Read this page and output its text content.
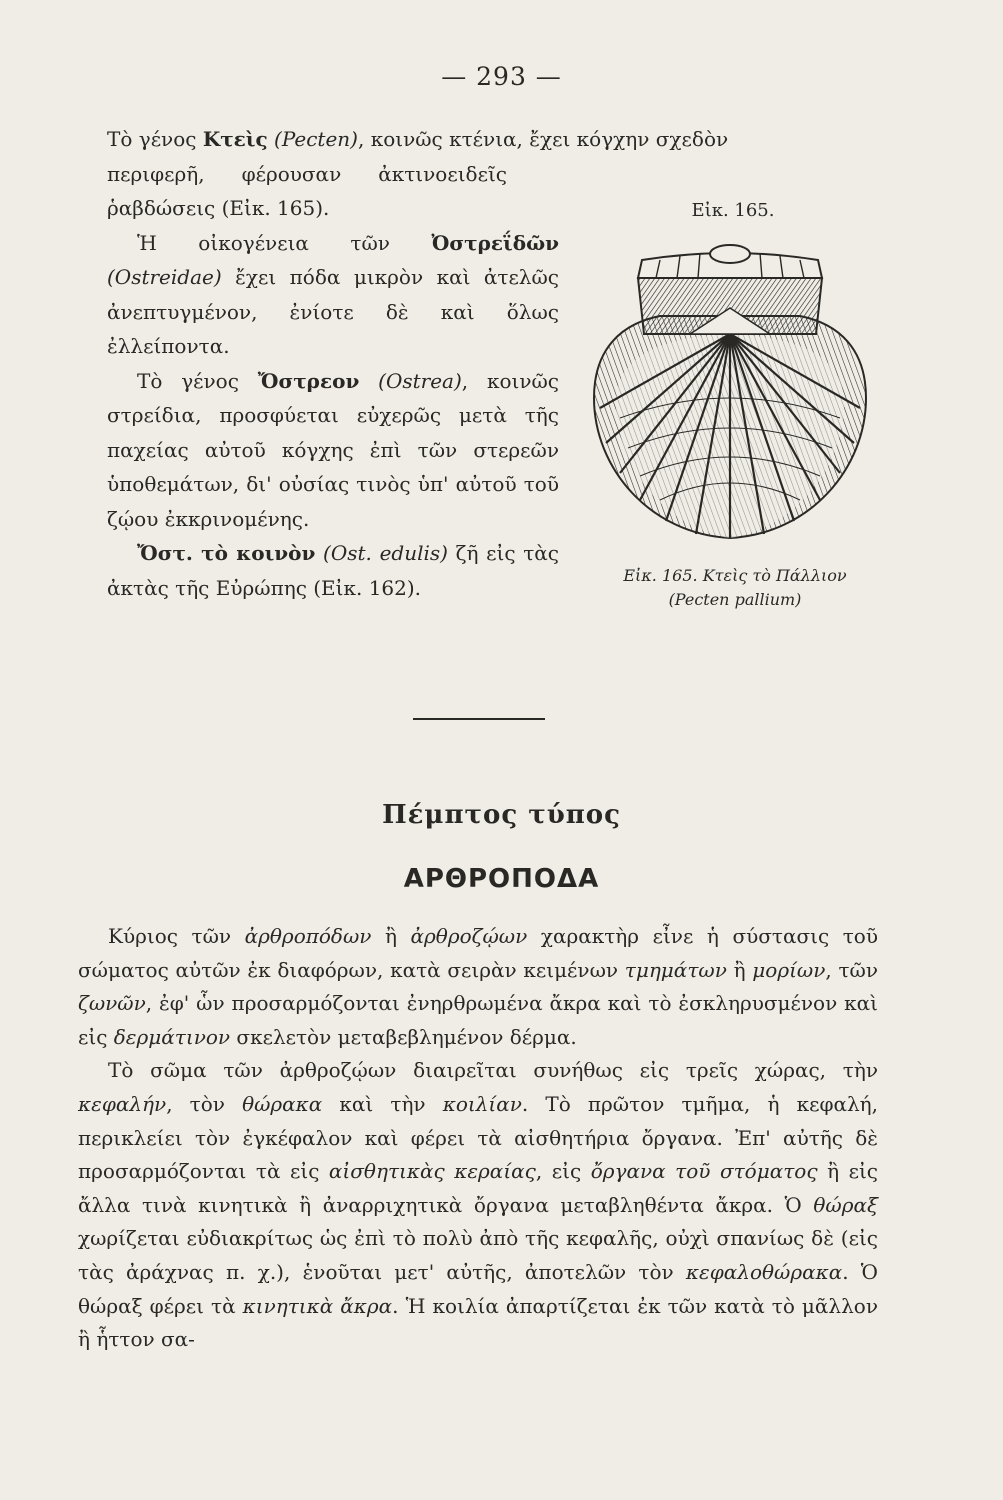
— 293 —
Τὸ γένος Κτεὶς (Pecten), κοινῶς κτένια, ἔχει κόγχην σχεδὸν

περιφερῆ, φέρουσαν ἀκτινοειδεῖς ῥαβδώσεις (Εἰκ. 165).

Ἡ οἰκογένεια τῶν Ὀστρεΐδῶν (Ostreidae) ἔχει πόδα μικρὸν καὶ ἀτελῶς ἀνεπτυγμένον, ἐνίοτε δὲ καὶ ὅλως ἐλλείποντα.

Τὸ γένος Ὄστρεον (Ostrea), κοινῶς στρείδια, προσφύεται εὐχερῶς μετὰ τῆς παχείας αὐτοῦ κόγχης ἐπὶ τῶν στερεῶν ὑποθεμάτων, δι' οὐσίας τινὸς ὑπ' αὐτοῦ τοῦ ζῴου ἐκκρινομένης.

Ὄστ. τὸ κοινὸν (Ost. edulis) ζῆ εἰς τὰς ἀκτὰς τῆς Εὐρώπης (Εἰκ. 162).

Εἰκ. 165.
Εἰκ. 165. Κτεὶς τὸ Πάλλιον
(Pecten pallium)
Πέμπτος τύπος
ΑΡΘΡΟΠΟΔΑ

Κύριος τῶν ἀρθροπόδων ἢ ἀρθροζῴων χαρακτὴρ εἶνε ἡ σύστασις τοῦ σώματος αὐτῶν ἐκ διαφόρων, κατὰ σειρὰν κειμένων τμημάτων ἢ μορίων, τῶν ζωνῶν, ἐφ' ὧν προσαρμόζονται ἐνηρθρωμένα ἄκρα καὶ τὸ ἐσκληρυσμένον καὶ εἰς δερμάτινον σκελετὸν μεταβεβλημένον δέρμα.

Τὸ σῶμα τῶν ἀρθροζῴων διαιρεῖται συνήθως εἰς τρεῖς χώρας, τὴν κεφαλήν, τὸν θώρακα καὶ τὴν κοιλίαν. Τὸ πρῶτον τμῆμα, ἡ κεφαλή, περικλείει τὸν ἐγκέφαλον καὶ φέρει τὰ αἰσθητήρια ὄργανα. Ἐπ' αὐτῆς δὲ προσαρμόζονται τὰ εἰς αἰσθητικὰς κεραίας, εἰς ὄργανα τοῦ στόματος ἢ εἰς ἄλλα τινὰ κινητικὰ ἢ ἀναρριχητικὰ ὄργανα μεταβληθέντα ἄκρα. Ὁ θώραξ χωρίζεται εὐδιακρίτως ὡς ἐπὶ τὸ πολὺ ἀπὸ τῆς κεφαλῆς, οὐχὶ σπανίως δὲ (εἰς τὰς ἀράχνας π. χ.), ἑνοῦται μετ' αὐτῆς, ἀποτελῶν τὸν κεφαλοθώρακα. Ὁ θώραξ φέρει τὰ κινητικὰ ἄκρα. Ἡ κοιλία ἀπαρτίζεται ἐκ τῶν κατὰ τὸ μᾶλλον ἢ ἧττον σα-
